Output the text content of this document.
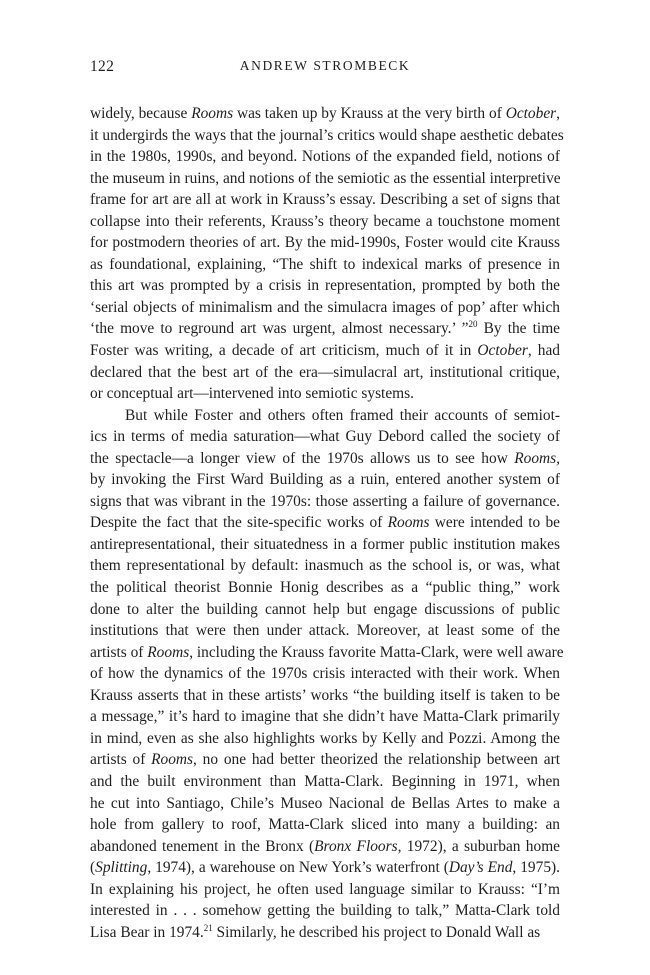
122	ANDREW STROMBECK
widely, because Rooms was taken up by Krauss at the very birth of October,
it undergirds the ways that the journal’s critics would shape aesthetic debates
in the 1980s, 1990s, and beyond. Notions of the expanded field, notions of
the museum in ruins, and notions of the semiotic as the essential interpretive
frame for art are all at work in Krauss’s essay. Describing a set of signs that
collapse into their referents, Krauss’s theory became a touchstone moment
for postmodern theories of art. By the mid-1990s, Foster would cite Krauss
as foundational, explaining, “The shift to indexical marks of presence in
this art was prompted by a crisis in representation, prompted by both the
‘serial objects of minimalism and the simulacra images of pop’ after which
‘the move to reground art was urgent, almost necessary.’ ”$^{20}$ By the time
Foster was writing, a decade of art criticism, much of it in October, had
declared that the best art of the era—simulacral art, institutional critique,
or conceptual art—intervened into semiotic systems.
But while Foster and others often framed their accounts of semiot-
ics in terms of media saturation—what Guy Debord called the society of
the spectacle—a longer view of the 1970s allows us to see how Rooms,
by invoking the First Ward Building as a ruin, entered another system of
signs that was vibrant in the 1970s: those asserting a failure of governance.
Despite the fact that the site-specific works of Rooms were intended to be
antirepresentational, their situatedness in a former public institution makes
them representational by default: inasmuch as the school is, or was, what
the political theorist Bonnie Honig describes as a “public thing,” work
done to alter the building cannot help but engage discussions of public
institutions that were then under attack. Moreover, at least some of the
artists of Rooms, including the Krauss favorite Matta-Clark, were well aware
of how the dynamics of the 1970s crisis interacted with their work. When
Krauss asserts that in these artists’ works “the building itself is taken to be
a message,” it’s hard to imagine that she didn’t have Matta-Clark primarily
in mind, even as she also highlights works by Kelly and Pozzi. Among the
artists of Rooms, no one had better theorized the relationship between art
and the built environment than Matta-Clark. Beginning in 1971, when
he cut into Santiago, Chile’s Museo Nacional de Bellas Artes to make a
hole from gallery to roof, Matta-Clark sliced into many a building: an
abandoned tenement in the Bronx (Bronx Floors, 1972), a suburban home
(Splitting, 1974), a warehouse on New York’s waterfront (Day’s End, 1975).
In explaining his project, he often used language similar to Krauss: “I’m
interested in . . . somehow getting the building to talk,” Matta-Clark told
Lisa Bear in 1974.21 Similarly, he described his project to Donald Wall as
